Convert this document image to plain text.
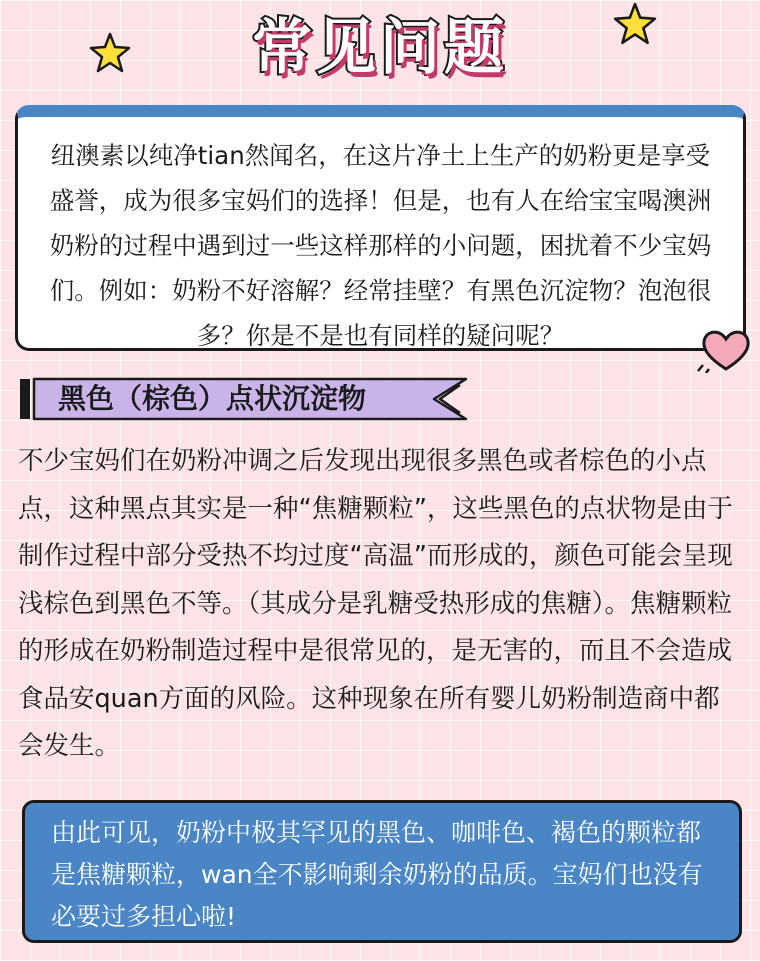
常见问题
纽澳素以纯净tian然闻名，在这片净土上生产的奶粉更是享受盛誉，成为很多宝妈们的选择！但是，也有人在给宝宝喝澳洲奶粉的过程中遇到过一些这样那样的小问题，困扰着不少宝妈们。例如：奶粉不好溶解？经常挂壁？有黑色沉淀物？泡泡很多？你是不是也有同样的疑问呢？
黑色（棕色）点状沉淀物
不少宝妈们在奶粉冲调之后发现出现很多黑色或者棕色的小点点，这种黑点其实是一种“焦糖颗粒”，这些黑色的点状物是由于制作过程中部分受热不均过度“高温”而形成的，颜色可能会呈现浅棕色到黑色不等。（其成分是乳糖受热形成的焦糖）。焦糖颗粒的形成在奶粉制造过程中是很常见的，是无害的，而且不会造成食品安quan方面的风险。这种现象在所有婴儿奶粉制造商中都会发生。
由此可见，奶粉中极其罕见的黑色、咖啡色、褐色的颗粒都是焦糖颗粒，wan全不影响剩余奶粉的品质。宝妈们也没有必要过多担心啦!
